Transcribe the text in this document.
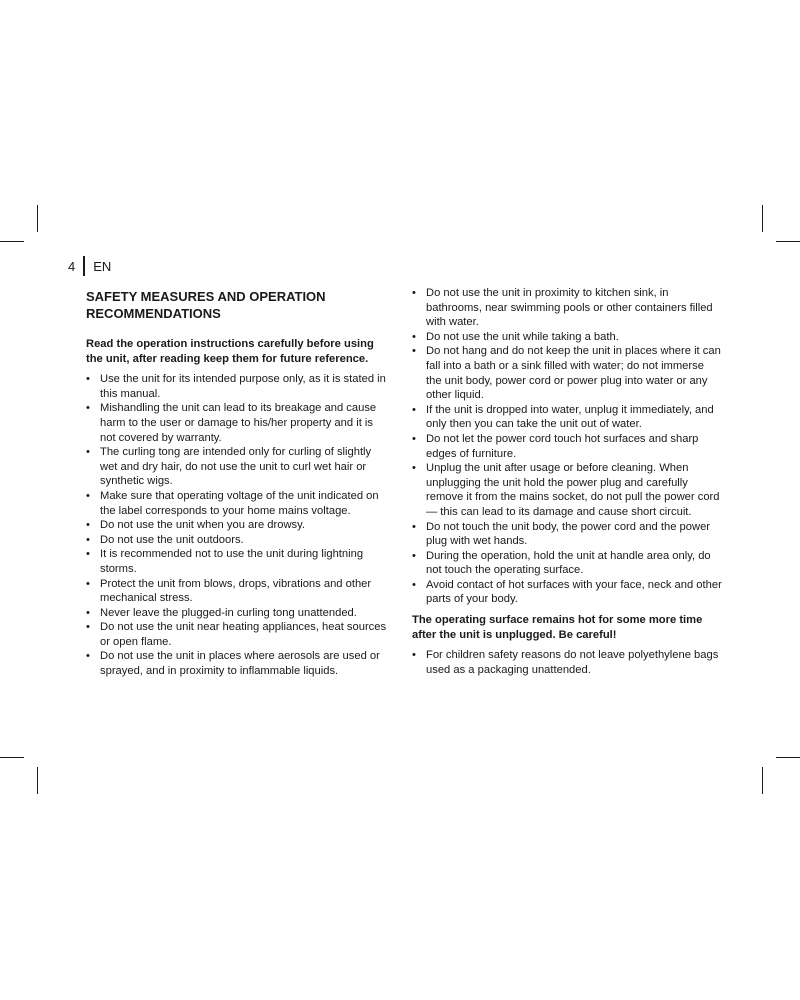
4 EN
SAFETY MEASURES AND OPERATION RECOMMENDATIONS
Read the operation instructions carefully before using the unit, after reading keep them for future reference.
• Use the unit for its intended purpose only, as it is stated in this manual.
• Mishandling the unit can lead to its breakage and cause harm to the user or damage to his/her property and it is not covered by warranty.
• The curling tong are intended only for curling of slightly wet and dry hair, do not use the unit to curl wet hair or synthetic wigs.
• Make sure that operating voltage of the unit indicated on the label corresponds to your home mains voltage.
• Do not use the unit when you are drowsy.
• Do not use the unit outdoors.
• It is recommended not to use the unit during lightning storms.
• Protect the unit from blows, drops, vibrations and other mechanical stress.
• Never leave the plugged-in curling tong unattended.
• Do not use the unit near heating appliances, heat sources or open flame.
• Do not use the unit in places where aerosols are used or sprayed, and in proximity to inflammable liquids.
• Do not use the unit in proximity to kitchen sink, in bathrooms, near swimming pools or other containers filled with water.
• Do not use the unit while taking a bath.
• Do not hang and do not keep the unit in places where it can fall into a bath or a sink filled with water; do not immerse the unit body, power cord or power plug into water or any other liquid.
• If the unit is dropped into water, unplug it immediately, and only then you can take the unit out of water.
• Do not let the power cord touch hot surfaces and sharp edges of furniture.
• Unplug the unit after usage or before cleaning. When unplugging the unit hold the power plug and carefully remove it from the mains socket, do not pull the power cord — this can lead to its damage and cause short circuit.
• Do not touch the unit body, the power cord and the power plug with wet hands.
• During the operation, hold the unit at handle area only, do not touch the operating surface.
• Avoid contact of hot surfaces with your face, neck and other parts of your body.
The operating surface remains hot for some more time after the unit is unplugged. Be careful!
• For children safety reasons do not leave polyethylene bags used as a packaging unattended.
